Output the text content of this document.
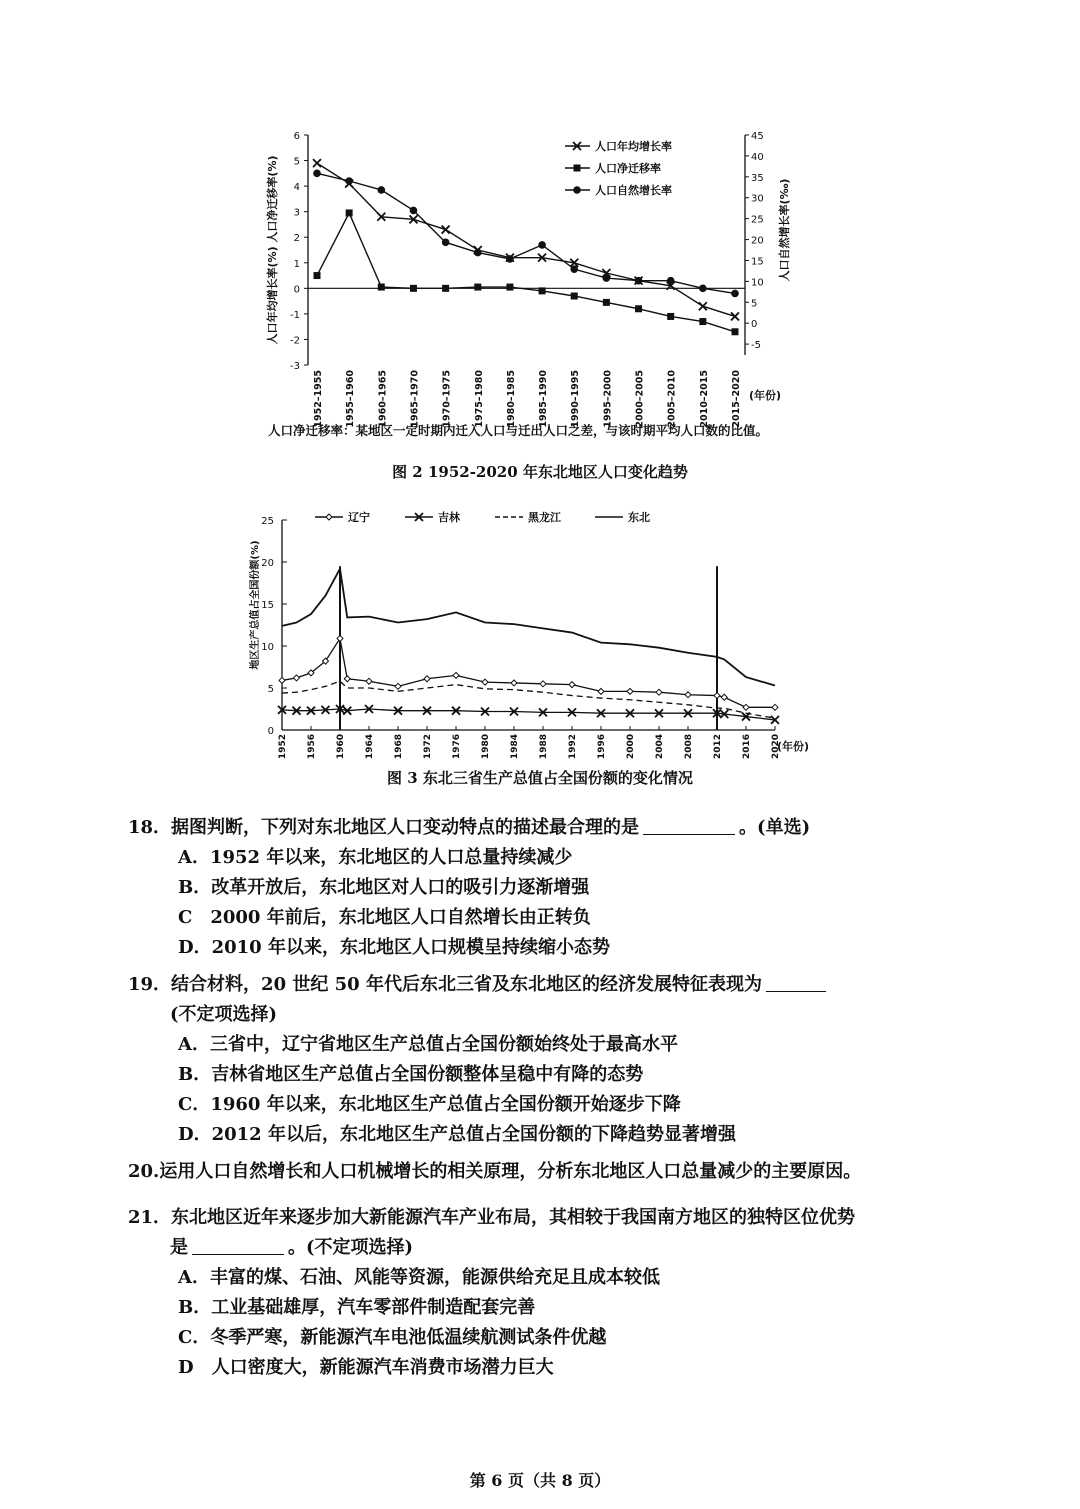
6
5
4
3
2
1
0
-1
-2
-3
45
40
35
30
25
20
15
10
5
0
-5
1952–1955 1955–1960 1960–1965 1965–1970 1970–1975 1975–1980 1980–1985 1985–1990 1990–1995 1995–2000 2000–2005 2005–2010 2010–2015 2015–2020 (年份)
人口年均增长率(%) 人口净迁移率(%)	人口自然增长率(‰)
人口年均增长率
人口净迁移率
人口自然增长率
人口净迁移率：某地区一定时期内迁入人口与迁出人口之差，与该时期平均人口数的比值。
图 2 1952-2020 年东北地区人口变化趋势
25
20
15
10
5
0
1952 1956 1960 1964 1968 1972 1976 1980 1984 1988 1992 1996 2000 2004 2008 2012 2016 2020
(年份)
地区生产总值占全国份额(%)
辽宁	吉林	黑龙江	东北
图 3 东北三省生产总值占全国份额的变化情况
18．据图判断，下列对东北地区人口变动特点的描述最合理的是	。(单选)
A．1952 年以来，东北地区的人口总量持续减少
B．改革开放后，东北地区对人口的吸引力逐渐增强
C　2000 年前后，东北地区人口自然增长由正转负
D．2010 年以来，东北地区人口规模呈持续缩小态势
19．结合材料，20 世纪 50 年代后东北三省及东北地区的经济发展特征表现为
(不定项选择)
A．三省中，辽宁省地区生产总值占全国份额始终处于最高水平
B．吉林省地区生产总值占全国份额整体呈稳中有降的态势
C．1960 年以来，东北地区生产总值占全国份额开始逐步下降
D．2012 年以后，东北地区生产总值占全国份额的下降趋势显著增强
20.运用人口自然增长和人口机械增长的相关原理，分析东北地区人口总量减少的主要原因。
21．东北地区近年来逐步加大新能源汽车产业布局，其相较于我国南方地区的独特区位优势
是	。(不定项选择)
A．丰富的煤、石油、风能等资源，能源供给充足且成本较低
B．工业基础雄厚，汽车零部件制造配套完善
C．冬季严寒，新能源汽车电池低温续航测试条件优越
D　人口密度大，新能源汽车消费市场潜力巨大
第 6 页（共 8 页）
